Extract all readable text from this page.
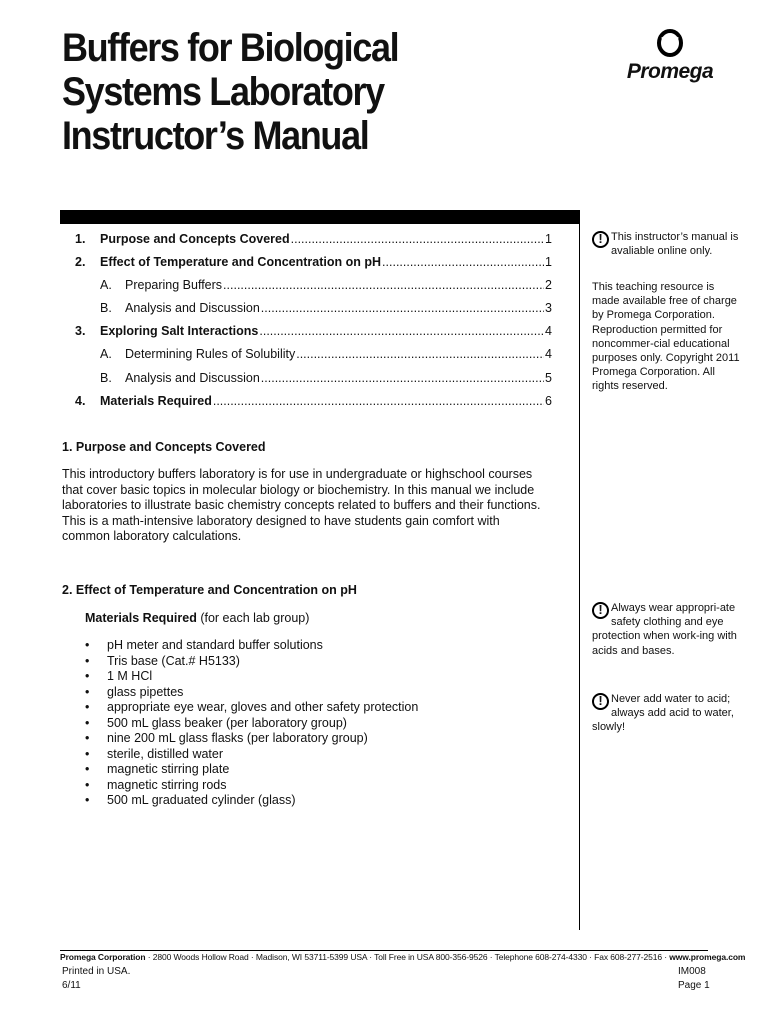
Buffers for Biological
Systems Laboratory
Instructor’s Manual
Promega
1.	Purpose and Concepts Covered .....	1
2.	Effect of Temperature and Concentration on pH .....	1
A.	Preparing Buffers .....	2
B.	Analysis and Discussion .....	3
3.	Exploring Salt Interactions .....	4
A.	Determining Rules of Solubility .....	4
B.	Analysis and Discussion .....	5
4.	Materials Required .....	6
1. Purpose and Concepts Covered
This introductory buffers laboratory is for use in undergraduate or highschool courses that cover basic topics in molecular biology or biochemistry. In this manual we include laboratories to illustrate basic chemistry concepts related to buffers and their functions. This is a math-intensive laboratory designed to have students gain comfort with common laboratory calculations.
2. Effect of Temperature and Concentration on pH
Materials Required (for each lab group)
• pH meter and standard buffer solutions
• Tris base (Cat.# H5133)
• 1 M HCl
• glass pipettes
• appropriate eye wear, gloves and other safety protection
• 500 mL glass beaker (per laboratory group)
• nine 200 mL glass flasks (per laboratory group)
• sterile, distilled water
• magnetic stirring plate
• magnetic stirring rods
• 500 mL graduated cylinder (glass)
! This instructor’s manual is avaliable online only.
This teaching resource is made available free of charge by Promega Corporation. Reproduction permitted for noncommer-cial educational purposes only. Copyright 2011 Promega Corporation. All rights reserved.
! Always wear appropri-ate safety clothing and eye protection when work-ing with acids and bases.
! Never add water to acid; always add acid to water, slowly!
Promega Corporation · 2800 Woods Hollow Road · Madison, WI 53711-5399 USA · Toll Free in USA 800-356-9526 · Telephone 608-274-4330 · Fax 608-277-2516 · www.promega.com
Printed in USA.
6/11
IM008
Page 1
